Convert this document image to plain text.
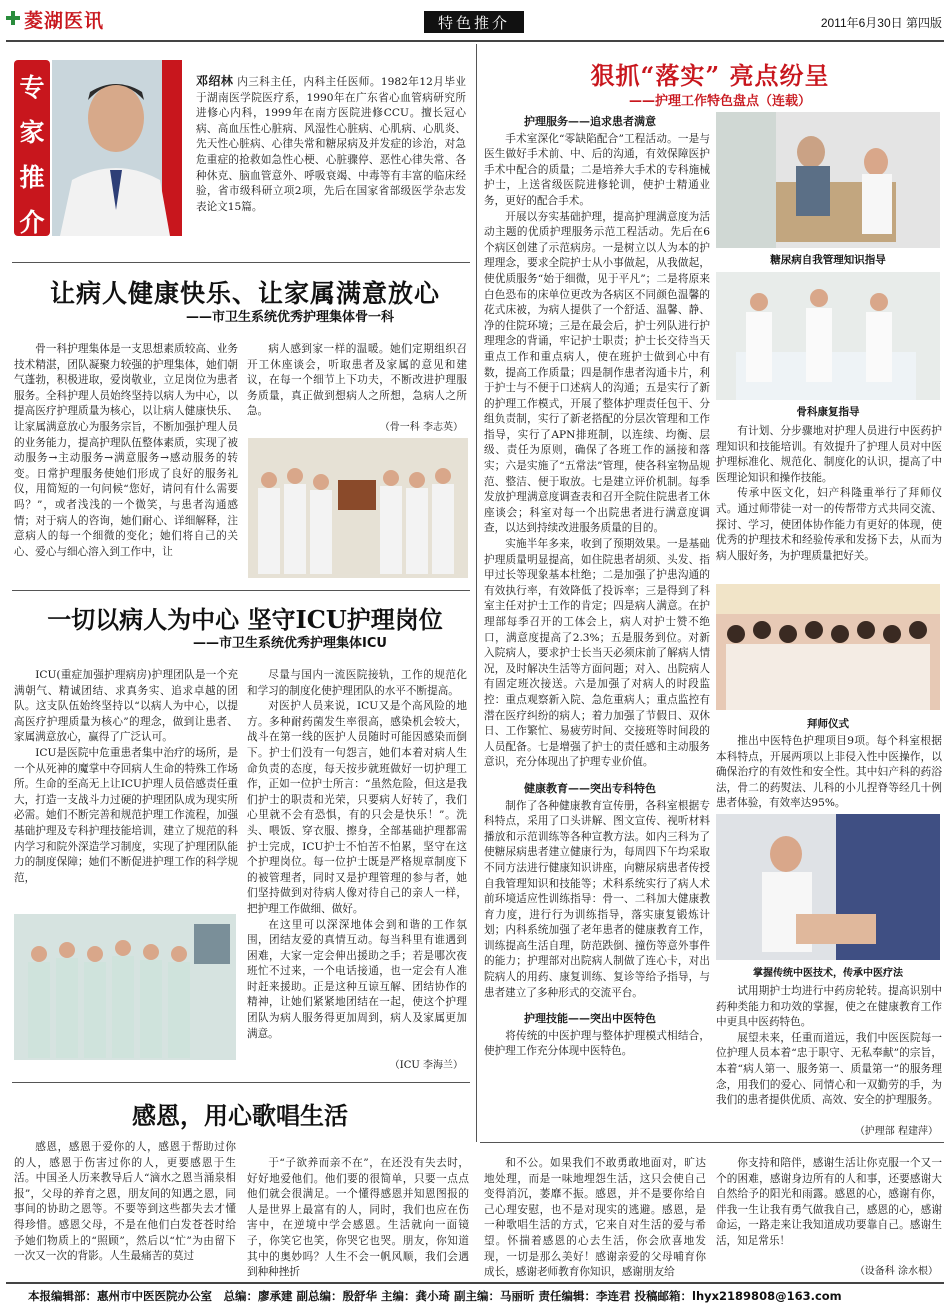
菱湖医讯	特色推介	2011年6月30日 第四版
专
家
推
介
邓绍林 内三科主任，内科主任医师。1982年12月毕业于湖南医学院医疗系，1990年在广东省心血管病研究所进修心内科，1999年在南方医院进修CCU。擅长冠心病、高血压性心脏病、风湿性心脏病、心肌病、心肌炎、先天性心脏病、心律失常和糖尿病及并发症的诊治，对急危重症的抢救如急性心梗、心脏骤停、恶性心律失常、各种休克、脑血管意外、呼吸衰竭、中毒等有丰富的临床经验，省市级科研立项2项，先后在国家省部级医学杂志发表论文15篇。
让病人健康快乐、让家属满意放心
——市卫生系统优秀护理集体骨一科
骨一科护理集体是一支思想素质较高、业务技术精湛，团队凝聚力较强的护理集体，她们朝气蓬勃，积极进取，爱岗敬业，立足岗位为患者服务。全科护理人员始终坚持以病人为中心，以提高医疗护理质量为核心，以让病人健康快乐、让家属满意放心为服务宗旨，不断加强护理人员的业务能力，提高护理队伍整体素质，实现了被动服务→主动服务→满意服务→感动服务的转变。日常护理服务使她们形成了良好的服务礼仪，用简短的一句问候“您好，请问有什么需要吗？”，或者浅浅的一个微笑，与患者沟通感情；对于病人的咨询，她们耐心、详细解释，注意病人的每一个细微的变化；她们将自己的关心、爱心与细心溶入到工作中，让
病人感到家一样的温暖。她们定期组织召开工休座谈会，听取患者及家属的意见和建议，在每一个细节上下功夫，不断改进护理服务质量，真正做到想病人之所想，急病人之所急。
（骨一科 李志英）
一切以病人为中心 坚守ICU护理岗位
——市卫生系统优秀护理集体ICU

ICU(重症加强护理病房)护理团队是一个充满朝气、精诚团结、求真务实、追求卓越的团队。这支队伍始终坚持以“以病人为中心，以提高医疗护理质量为核心”的理念，做到让患者、家属满意放心，赢得了广泛认可。

ICU是医院中危重患者集中治疗的场所，是一个从死神的魔掌中夺回病人生命的特殊工作场所。生命的至高无上让ICU护理人员倍感责任重大，打造一支战斗力过硬的护理团队成为现实所必需。她们不断完善和规范护理工作流程，加强基础护理及专科护理技能培训，建立了规范的科内学习和院外深造学习制度，实现了护理团队能力的制度保障；她们不断促进护理工作的科学规范，

尽量与国内一流医院接轨，工作的规范化和学习的制度化使护理团队的水平不断提高。

对医护人员来说，ICU又是个高风险的地方。多种耐药菌发生率很高，感染机会较大，战斗在第一线的医护人员随时可能因感染而倒下。护士们没有一句怨言，她们本着对病人生命负责的态度，每天按步就班做好一切护理工作，正如一位护士所言：“虽然危险，但这是我们护士的职责和光荣，只要病人好转了，我们心里就不会有恐惧，有的只会是快乐！”。洗头、喂饭、穿衣服、擦身，全部基础护理都需护士完成，ICU护士不怕苦不怕累，坚守在这个护理岗位。每一位护士既是严格规章制度下的被管理者，同时又是护理管理的参与者，她们坚持做到对待病人像对待自己的亲人一样，把护理工作做细、做好。

在这里可以深深地体会到和谐的工作氛围，团结友爱的真情互动。每当科里有谁遇到困难，大家一定会伸出援助之手；若是哪次夜班忙不过来，一个电话接通，也一定会有人准时赶来援助。正是这种互谅互解、团结协作的精神，让她们紧紧地团结在一起，使这个护理团队为病人服务得更加周到，病人及家属更加满意。

（ICU 李海兰）
狠抓“落实” 亮点纷呈
——护理工作特色盘点（连载）
护理服务——追求患者满意

手术室深化“零缺陷配合”工程活动。一是与医生做好手术前、中、后的沟通，有效保障医护手术中配合的质量；二是培养大手术的专科施械护士，上送省级医院进修轮训，使护士精通业务，更好的配合手术。

开展以夯实基础护理，提高护理满意度为活动主题的优质护理服务示范工程活动。先后在6个病区创建了示范病房。一是树立以人为本的护理理念，要求全院护士从小事做起，从我做起，使优质服务“始于细微，见于平凡”；二是将原来白色恐布的床单位更改为各病区不同颜色温馨的花式床被，为病人提供了一个舒适、温馨、静、净的住院环境；三是在最会后，护士列队进行护理理念的背诵，牢记护士职责；护士长交待当天重点工作和重点病人，使在班护士做到心中有数，提高工作质量；四是制作患者沟通卡片，利于护士与不便于口述病人的沟通；五是实行了新的护理工作模式，开展了整体护理责任包干、分组负责制，实行了新老搭配的分层次管理和工作指导，实行了APN排班制，以连续、均衡、层级、责任为原则，确保了各班工作的涵接和落实；六是实施了“五常法”管理，使各科室物品规范、整洁、便于取放。七是建立评价机制。每季发放护理满意度调查表和召开全院住院患者工休座谈会；科室对每一个出院患者进行满意度调查，以达到持续改进服务质量的目的。

实施半年多来，收到了预期效果。一是基础护理质量明显提高，如住院患者胡须、头发、指甲过长等现象基本杜绝；二是加强了护患沟通的有效执行率，有效降低了投诉率；三是得到了科室主任对护士工作的肯定；四是病人满意。在护理部每季召开的工体会上，病人对护士赞不绝口，满意度提高了2.3%；五是服务到位。对新入院病人，要求护士长当天必须床前了解病人情况，及时解决生活等方面问题；对入、出院病人有固定班次接送。六是加强了对病人的时段监控：重点观察新入院、急危重病人；重点监控有潜在医疗纠纷的病人；着力加强了节假日、双休日、工作繁忙、易疲劳时间、交接班等时间段的人员配备。七是增强了护士的责任感和主动服务意识，充分体现出了护理专业价值。

健康教育——突出专科特色

制作了各种健康教育宣传册，各科室根据专科特点，采用了口头讲解、图文宣传、视听材料播放和示范训练等各种宣教方法。如内三科为了使糖尿病患者建立健康行为，每周四下午均采取不同方法进行健康知识讲座，向糖尿病患者传授自我管理知识和技能等；术科系统实行了病人术前环境适应性训练指导：骨一、二科加大健康教育力度，进行行为训练指导，落实康复锻炼计划；内科系统加强了老年患者的健康教育工作，训练提高生活自理，防范跌倒、撞伤等意外事件的能力；护理部对出院病人制做了连心卡，对出院病人的用药、康复训练、复诊等给予指导，与患者建立了多种形式的交流平台。

护理技能——突出中医特色

将传统的中医护理与整体护理模式相结合，使护理工作充分体现中医特色。

糖尿病自我管理知识指导
骨科康复指导

有计划、分步骤地对护理人员进行中医药护理知识和技能培训。有效提升了护理人员对中医护理标准化、规范化、制度化的认识，提高了中医理论知识和操作技能。

传承中医文化，妇产科隆重举行了拜师仪式。通过师带徒一对一的传帮带方式共同交流、探讨、学习，使团体协作能力有更好的体现，使优秀的护理技术和经验传承和发扬下去，从而为病人服好务，为护理质量把好关。

拜师仪式

推出中医特色护理项目9项。每个科室根据本科特点，开展两项以上非侵入性中医操作，以确保治疗的有效性和安全性。其中妇产科的药浴法，骨二的药熨法、儿科的小儿捏脊等经几十例患者体验，有效率达95%。

掌握传统中医技术，传承中医疗法

试用期护士均进行中药房轮转。提高识别中药种类能力和功效的掌握，使之在健康教育工作中更具中医药特色。

展望未来，任重而道远，我们中医医院每一位护理人员本着“忠于职守、无私奉献”的宗旨，本着“病人第一、服务第一、质量第一”的服务理念，用我们的爱心、同情心和一双勤劳的手，为我们的患者提供优质、高效、安全的护理服务。

（护理部 程建萍）
感恩，用心歌唱生活
感恩，感恩于爱你的人，感恩于帮助过你的人，感恩于伤害过你的人，更要感恩于生活。中国圣人历来教导后人“滴水之恩当涌泉相报”，父母的养育之恩，朋友间的知遇之恩，同事间的协助之恩等。不要等到这些都失去才懂得珍惜。感恩父母，不是在他们白发苍苍时给予她们物质上的“照顾”，然后以“忙”为由留下一次又一次的背影。人生最痛苦的莫过
于“子欲养而亲不在”，在还没有失去时，好好地爱他们。他们要的很简单，只要一点点他们就会很满足。一个懂得感恩并知恩图报的人是世界上最富有的人，同时，我们也应在伤害中，在逆境中学会感恩。生活就向一面镜子，你笑它也笑，你哭它也哭。朋友，你知道其中的奥妙吗？人生不会一帆风顺，我们会遇到种种挫折
和不公。如果我们不敢勇敢地面对，旷达地处理，而是一味地埋怨生活，这只会使自己变得消沉，萎靡不振。感恩，并不是要你给自己心理安慰，也不是对现实的逃避。感恩，是一种歌唱生活的方式，它来自对生活的爱与希望。怀揣着感恩的心去生活，你会欣喜地发现，一切是那么美好！感谢亲爱的父母哺育你成长，感谢老师教育你知识，感谢朋友给
你支持和陪伴，感谢生活让你克服一个又一个的困难，感谢身边所有的人和事，还要感谢大自然给予的阳光和雨露。感恩的心，感谢有你，伴我一生让我有勇气做我自己，感恩的心，感谢命运，一路走来让我知道成功要靠自己。感谢生活，知足常乐！
（设备科 涂水根）
本报编辑部：惠州市中医医院办公室　总编：廖承建 副总编：殷舒华 主编：龚小琦 副主编：马丽昕 责任编辑：李连君 投稿邮箱：lhyx2189808@163.com
